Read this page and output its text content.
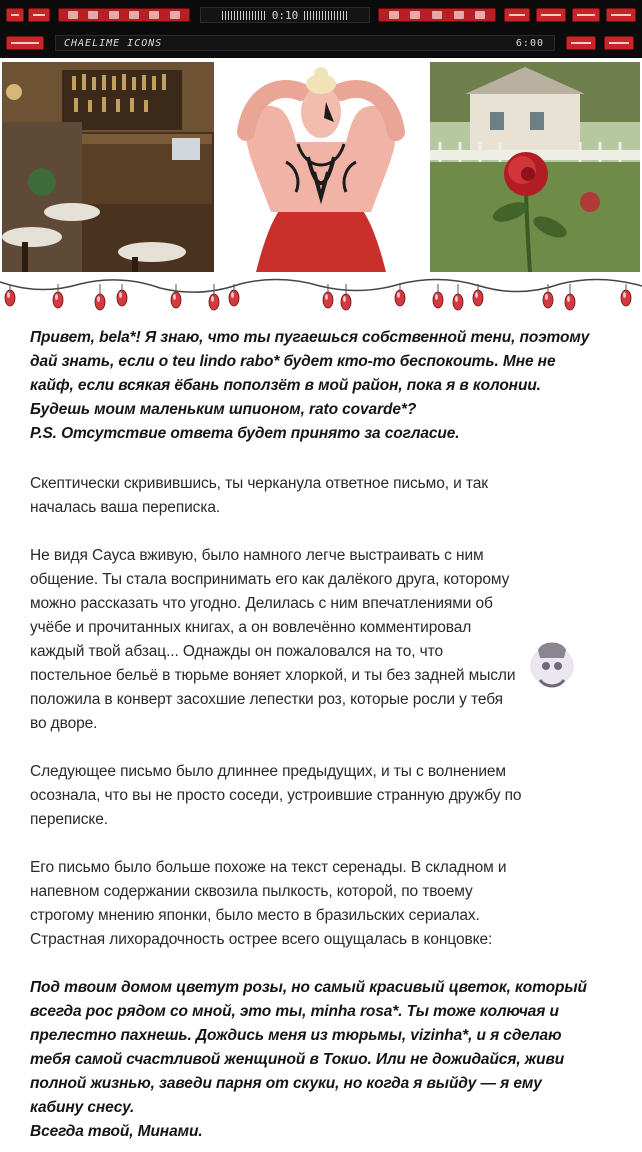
0:10
CHAELIME ICONS	6:00
Привет, bela*! Я знаю, что ты пугаешься собственной тени, поэтому
дай знать, если о teu lindo rabo* будет кто-то беспокоить. Мне не
кайф, если всякая ёбань поползёт в мой район, пока я в колонии.
Будешь моим маленьким шпионом, rato covarde*?
P.S. Отсутствие ответа будет принято за согласие.
Скептически скривившись, ты черканула ответное письмо, и так
началась ваша переписка.
Не видя Сауса вживую, было намного легче выстраивать с ним
общение. Ты стала воспринимать его как далёкого друга, которому
можно рассказать что угодно. Делилась с ним впечатлениями об
учёбе и прочитанных книгах, а он вовлечённо комментировал
каждый твой абзац... Однажды он пожаловался на то, что
постельное бельё в тюрьме воняет хлоркой, и ты без задней мысли
положила в конверт засохшие лепестки роз, которые росли у тебя
во дворе.
Следующее письмо было длиннее предыдущих, и ты с волнением
осознала, что вы не просто соседи, устроившие странную дружбу по
переписке.
Его письмо было больше похоже на текст серенады. В складном и
напевном содержании сквозила пылкость, которой, по твоему
строгому мнению японки, было место в бразильских сериалах.
Страстная лихорадочность острее всего ощущалась в концовке:
Под твоим домом цветут розы, но самый красивый цветок, который
всегда рос рядом со мной, это ты, minha rosa*. Ты тоже колючая и
прелестно пахнешь. Дождись меня из тюрьмы, vizinha*, и я сделаю
тебя самой счастливой женщиной в Токио. Или не дожидайся, живи
полной жизнью, заведи парня от скуки, но когда я выйду — я ему
кабину снесу.
Всегда твой, Минами.
